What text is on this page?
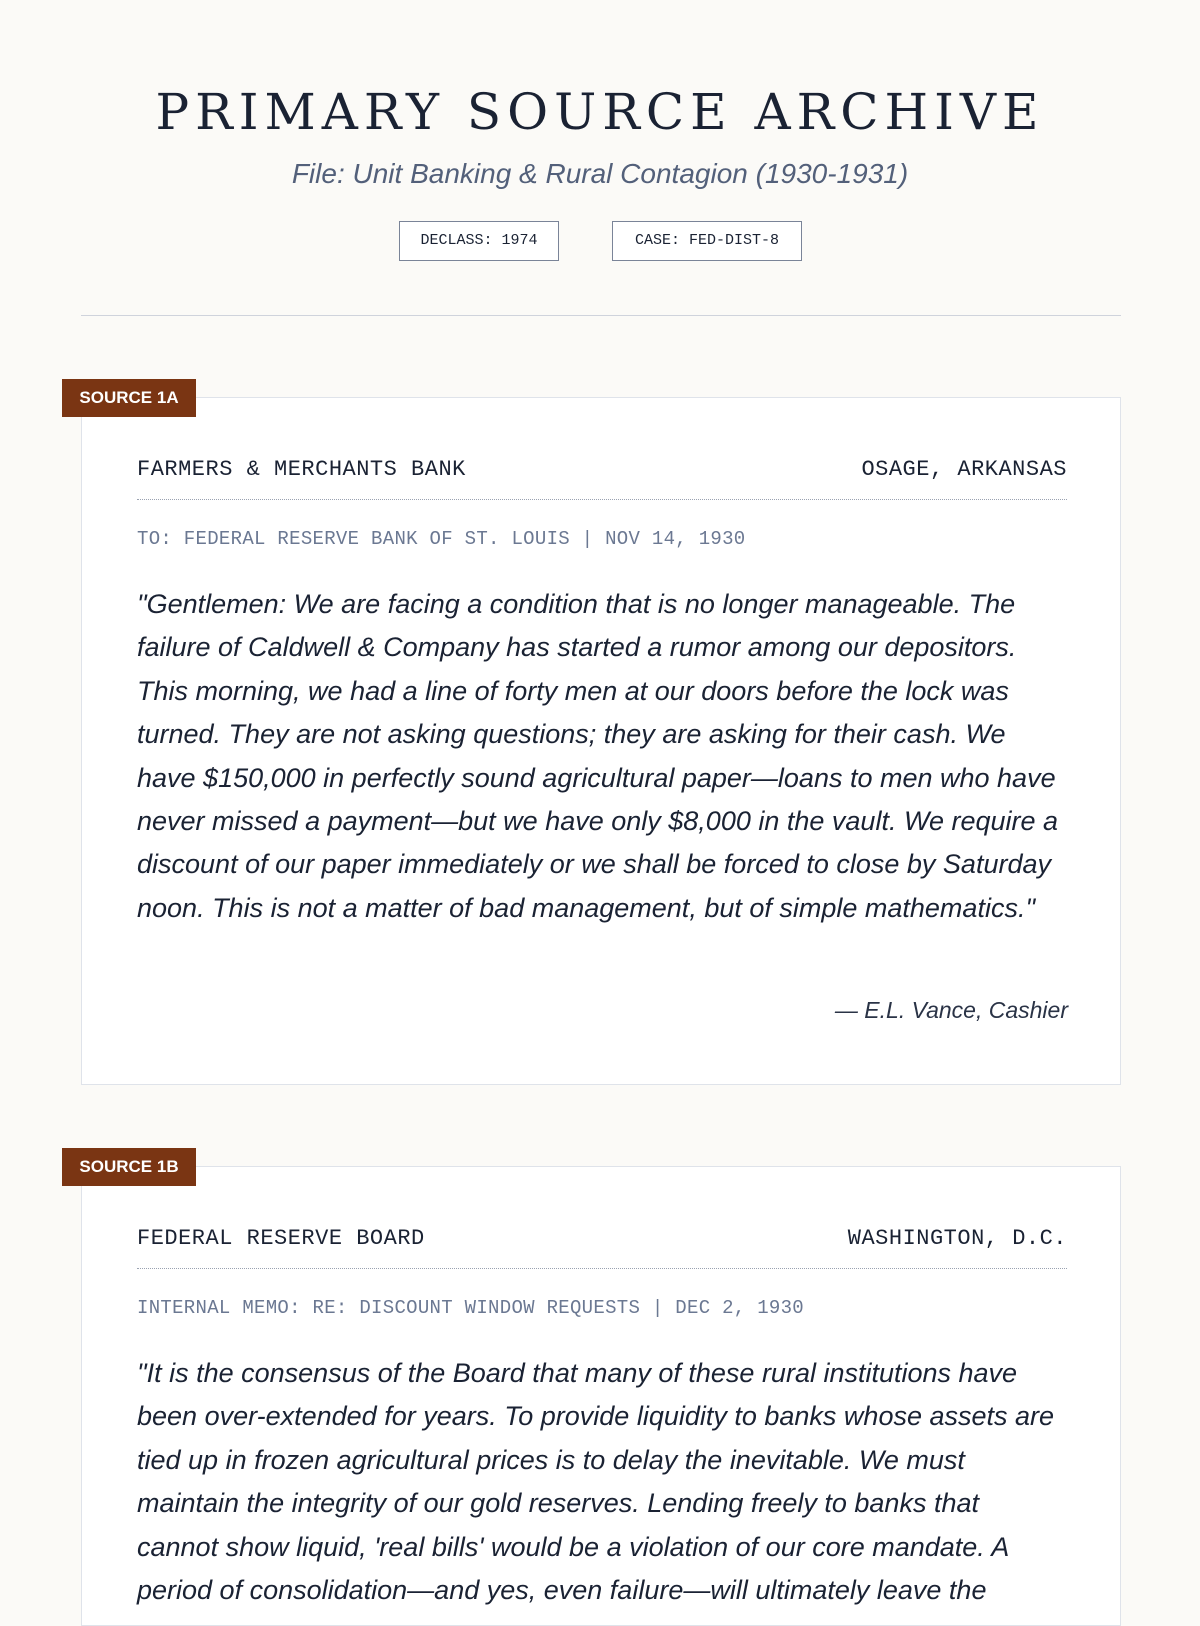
PRIMARY SOURCE ARCHIVE

File: Unit Banking & Rural Contagion (1930-1931)

DECLASS: 1974	CASE: FED-DIST-8
SOURCE 1A
FARMERS & MERCHANTS BANK	OSAGE, ARKANSAS
TO: FEDERAL RESERVE BANK OF ST. LOUIS | NOV 14, 1930

"Gentlemen: We are facing a condition that is no longer manageable. The failure of Caldwell & Company has started a rumor among our depositors. This morning, we had a line of forty men at our doors before the lock was turned. They are not asking questions; they are asking for their cash. We have $150,000 in perfectly sound agricultural paper—loans to men who have never missed a payment—but we have only $8,000 in the vault. We require a discount of our paper immediately or we shall be forced to close by Saturday noon. This is not a matter of bad management, but of simple mathematics."

— E.L. Vance, Cashier
SOURCE 1B
FEDERAL RESERVE BOARD	WASHINGTON, D.C.
INTERNAL MEMO: RE: DISCOUNT WINDOW REQUESTS | DEC 2, 1930

"It is the consensus of the Board that many of these rural institutions have been over-extended for years. To provide liquidity to banks whose assets are tied up in frozen agricultural prices is to delay the inevitable. We must maintain the integrity of our gold reserves. Lending freely to banks that cannot show liquid, 'real bills' would be a violation of our core mandate. A period of consolidation—and yes, even failure—will ultimately leave the
